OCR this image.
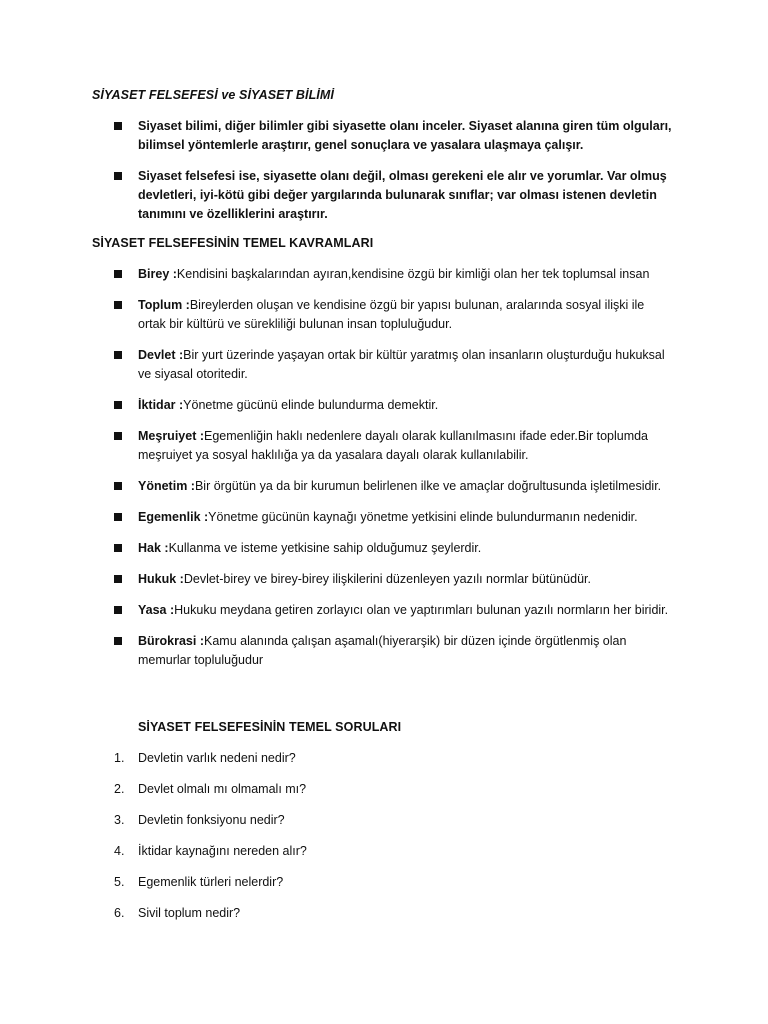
SİYASET FELSEFESİ ve SİYASET BİLİMİ
Siyaset bilimi, diğer bilimler gibi siyasette olanı inceler. Siyaset alanına giren tüm olguları, bilimsel yöntemlerle araştırır, genel sonuçlara ve yasalara ulaşmaya çalışır.
Siyaset felsefesi ise, siyasette olanı değil, olması gerekeni ele alır ve yorumlar. Var olmuş devletleri, iyi-kötü gibi değer yargılarında bulunarak sınıflar; var olması istenen devletin tanımını ve özelliklerini araştırır.
SİYASET FELSEFESİNİN TEMEL KAVRAMLARI
Birey :Kendisini başkalarından ayıran,kendisine özgü bir kimliği olan her tek toplumsal insan
Toplum :Bireylerden oluşan ve kendisine özgü bir yapısı bulunan, aralarında sosyal ilişki ile ortak bir kültürü ve sürekliliği bulunan insan topluluğudur.
Devlet :Bir yurt üzerinde yaşayan ortak bir kültür yaratmış olan insanların oluşturduğu hukuksal ve siyasal otoritedir.
İktidar :Yönetme gücünü elinde bulundurma demektir.
Meşruiyet :Egemenliğin haklı nedenlere dayalı olarak kullanılmasını ifade eder.Bir toplumda meşruiyet ya sosyal haklılığa ya da yasalara dayalı olarak kullanılabilir.
Yönetim :Bir örgütün ya da bir kurumun belirlenen ilke ve amaçlar doğrultusunda işletilmesidir.
Egemenlik :Yönetme gücünün kaynağı yönetme yetkisini elinde bulundurmanın nedenidir.
Hak :Kullanma ve isteme yetkisine sahip olduğumuz şeylerdir.
Hukuk :Devlet-birey ve birey-birey ilişkilerini düzenleyen yazılı normlar bütünüdür.
Yasa :Hukuku meydana getiren zorlayıcı olan ve yaptırımları bulunan yazılı normların her biridir.
Bürokrasi :Kamu alanında çalışan aşamalı(hiyerarşik) bir düzen içinde örgütlenmiş olan memurlar topluluğudur
SİYASET FELSEFESİNİN TEMEL SORULARI
1. Devletin varlık nedeni nedir?
2. Devlet olmalı mı olmamalı mı?
3. Devletin fonksiyonu nedir?
4. İktidar kaynağını nereden alır?
5. Egemenlik türleri nelerdir?
6. Sivil toplum nedir?
